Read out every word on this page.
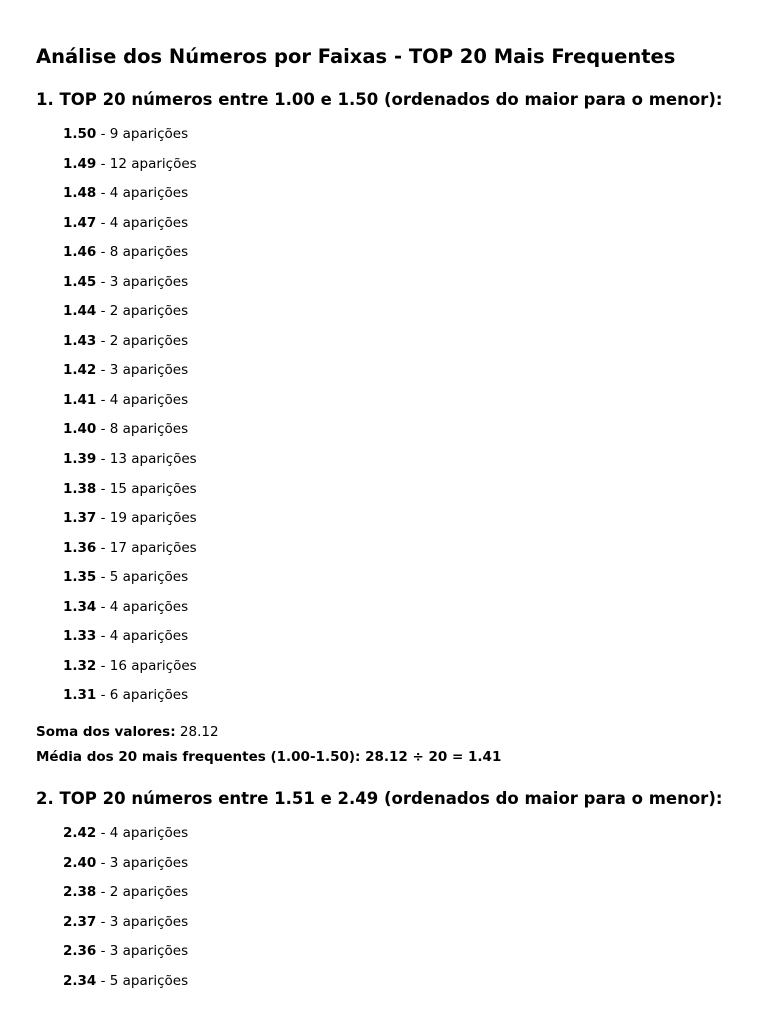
Análise dos Números por Faixas - TOP 20 Mais Frequentes
1. TOP 20 números entre 1.00 e 1.50 (ordenados do maior para o menor):
1.50 - 9 aparições
1.49 - 12 aparições
1.48 - 4 aparições
1.47 - 4 aparições
1.46 - 8 aparições
1.45 - 3 aparições
1.44 - 2 aparições
1.43 - 2 aparições
1.42 - 3 aparições
1.41 - 4 aparições
1.40 - 8 aparições
1.39 - 13 aparições
1.38 - 15 aparições
1.37 - 19 aparições
1.36 - 17 aparições
1.35 - 5 aparições
1.34 - 4 aparições
1.33 - 4 aparições
1.32 - 16 aparições
1.31 - 6 aparições

Soma dos valores: 28.12

Média dos 20 mais frequentes (1.00-1.50): 28.12 ÷ 20 = 1.41

2. TOP 20 números entre 1.51 e 2.49 (ordenados do maior para o menor):
2.42 - 4 aparições
2.40 - 3 aparições
2.38 - 2 aparições
2.37 - 3 aparições
2.36 - 3 aparições
2.34 - 5 aparições
